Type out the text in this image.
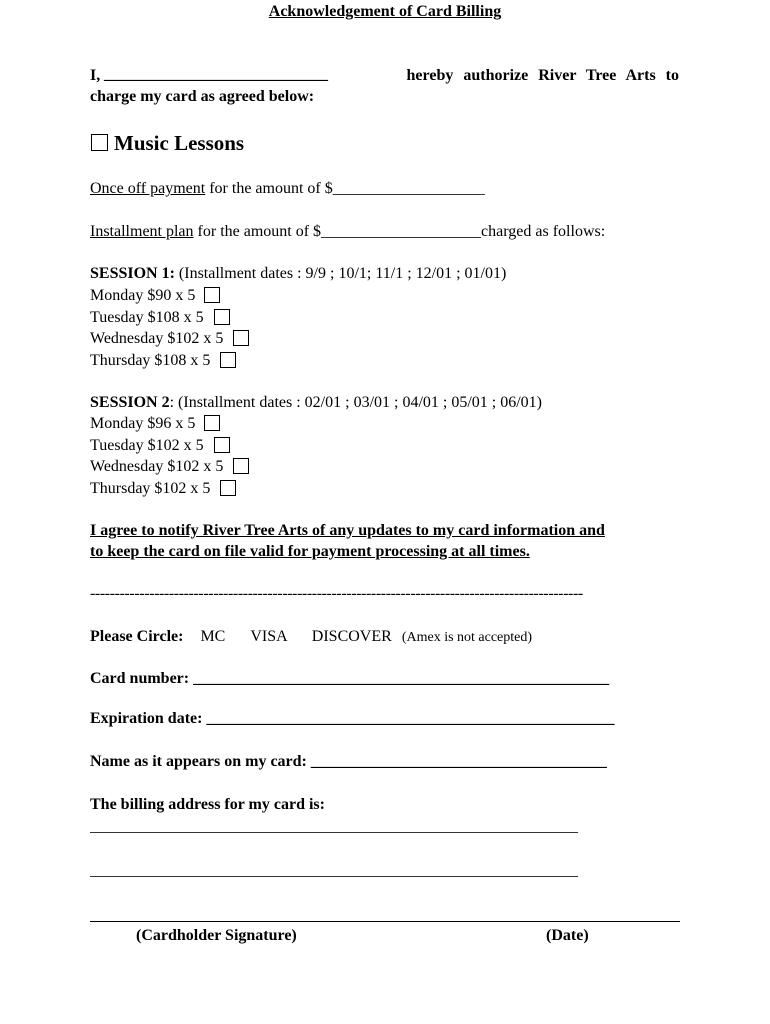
Acknowledgement of Card Billing
I, ____________________________	hereby authorize River Tree Arts to
charge my card as agreed below:
Music Lessons
Once off payment for the amount of $___________________
Installment plan for the amount of $____________________charged as follows:
SESSION 1: (Installment dates : 9/9 ; 10/1; 11/1 ; 12/01 ; 01/01)
Monday $90 x 5
Tuesday $108 x 5
Wednesday $102 x 5
Thursday $108 x 5
SESSION 2: (Installment dates : 02/01 ; 03/01 ; 04/01 ; 05/01 ; 06/01)
Monday $96 x 5
Tuesday $102 x 5
Wednesday $102 x 5
Thursday $102 x 5
I agree to notify River Tree Arts of any updates to my card information and
to keep the card on file valid for payment processing at all times.
----------------------------------------------------------------------------------------------------
Please Circle: MC VISA DISCOVER (Amex is not accepted)
Card number: ____________________________________________________
Expiration date: ___________________________________________________
Name as it appears on my card: _____________________________________
The billing address for my card is:
_____________________________________________________________
_____________________________________________________________
(Cardholder Signature)	(Date)
